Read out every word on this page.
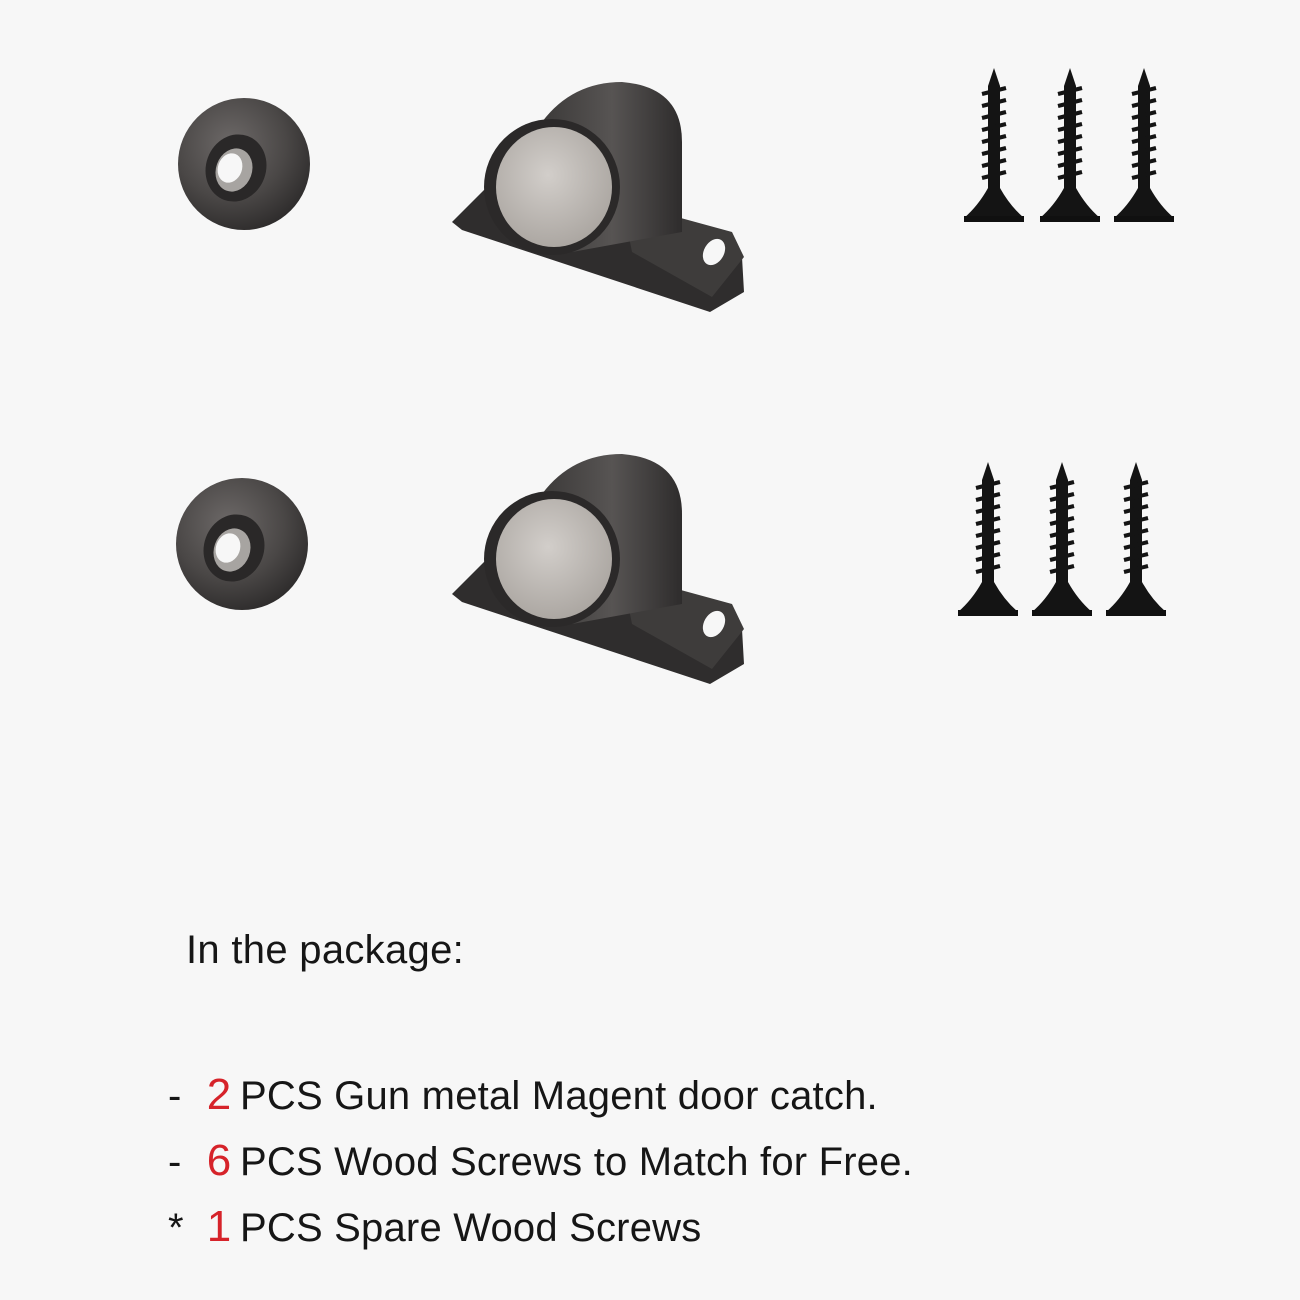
In the package:
- 2 PCS Gun metal Magent door catch.
- 6 PCS Wood Screws to Match for Free.
* 1 PCS Spare Wood Screws
